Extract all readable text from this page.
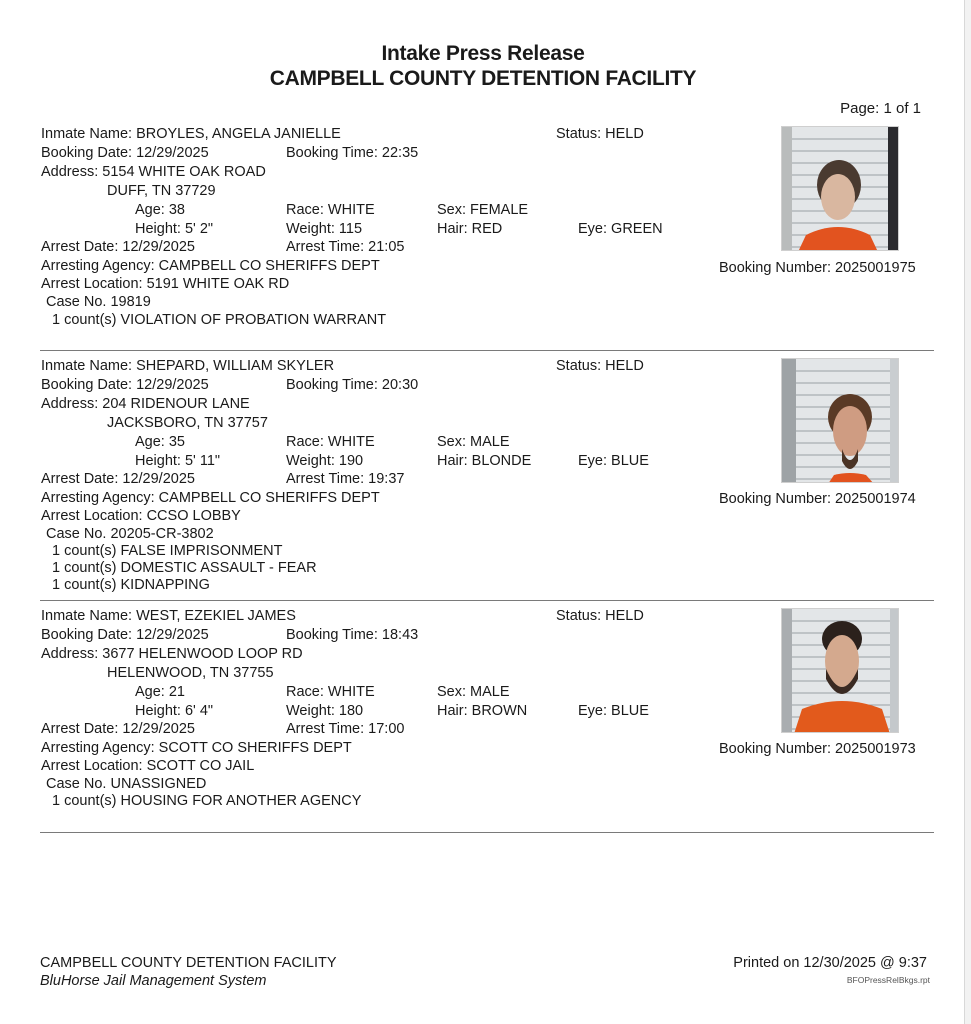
Intake Press Release
CAMPBELL COUNTY DETENTION FACILITY
Page: 1 of 1
Inmate Name: BROYLES, ANGELA JANIELLE	Status: HELD
Booking Date: 12/29/2025	Booking Time: 22:35
Address: 5154 WHITE OAK ROAD
DUFF, TN 37729
Age: 38	Race: WHITE	Sex: FEMALE
Height: 5' 2"	Weight: 115	Hair: RED	Eye: GREEN
Arrest Date: 12/29/2025	Arrest Time: 21:05
Arresting Agency: CAMPBELL CO SHERIFFS DEPT
Arrest Location: 5191 WHITE OAK RD
Case No. 19819
1 count(s) VIOLATION OF PROBATION WARRANT
Booking Number: 2025001975
Inmate Name: SHEPARD, WILLIAM SKYLER	Status: HELD
Booking Date: 12/29/2025	Booking Time: 20:30
Address: 204 RIDENOUR LANE
JACKSBORO, TN 37757
Age: 35	Race: WHITE	Sex: MALE
Height: 5' 11"	Weight: 190	Hair: BLONDE	Eye: BLUE
Arrest Date: 12/29/2025	Arrest Time: 19:37
Arresting Agency: CAMPBELL CO SHERIFFS DEPT
Arrest Location: CCSO LOBBY
Case No. 20205-CR-3802
1 count(s) FALSE IMPRISONMENT
1 count(s) DOMESTIC ASSAULT - FEAR
1 count(s) KIDNAPPING
Booking Number: 2025001974
Inmate Name: WEST, EZEKIEL JAMES	Status: HELD
Booking Date: 12/29/2025	Booking Time: 18:43
Address: 3677 HELENWOOD LOOP RD
HELENWOOD, TN 37755
Age: 21	Race: WHITE	Sex: MALE
Height: 6' 4"	Weight: 180	Hair: BROWN	Eye: BLUE
Arrest Date: 12/29/2025	Arrest Time: 17:00
Arresting Agency: SCOTT CO SHERIFFS DEPT
Arrest Location: SCOTT CO JAIL
Case No. UNASSIGNED
1 count(s) HOUSING FOR ANOTHER AGENCY
Booking Number: 2025001973
CAMPBELL COUNTY DETENTION FACILITY
BluHorse Jail Management System
Printed on 12/30/2025 @ 9:37
BFOPressRelBkgs.rpt
